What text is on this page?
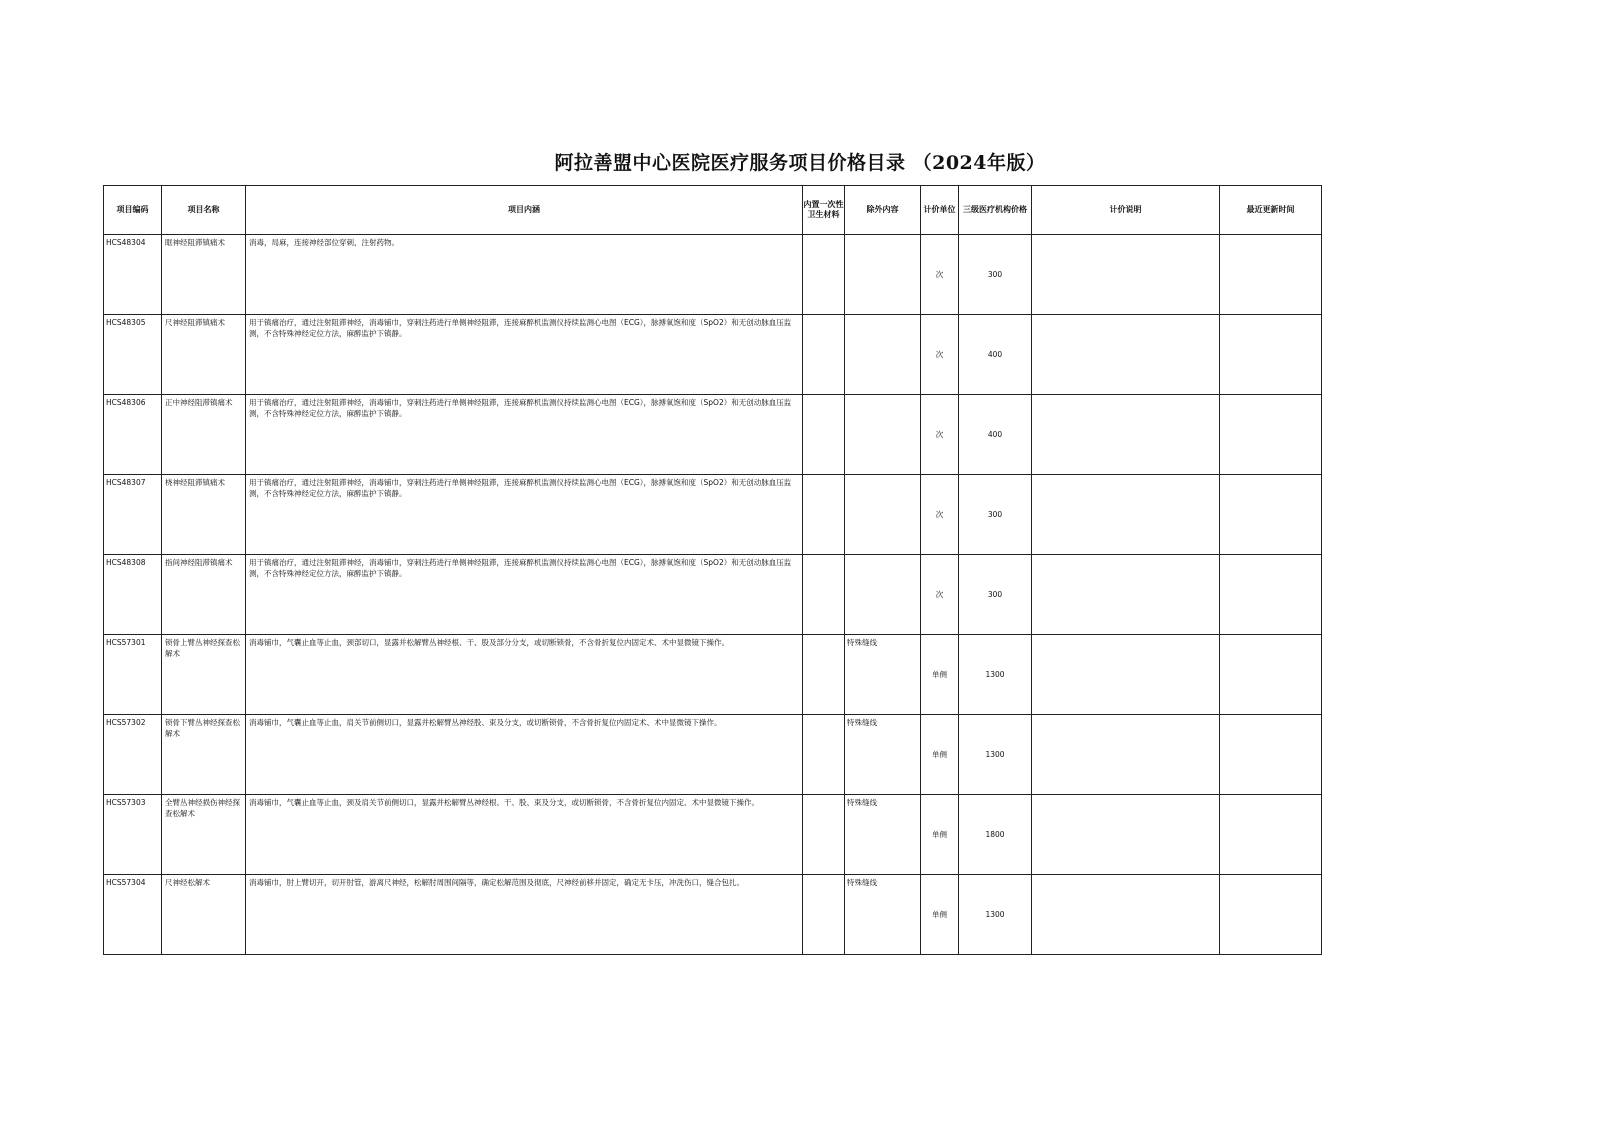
阿拉善盟中心医院医疗服务项目价格目录 （2024年版）
项目编码	项目名称	项目内涵	内置一次性卫生材料	除外内容	计价单位	三级医疗机构价格	计价说明	最近更新时间
HCS48304	眶神经阻滞镇痛术	消毒，局麻，连接神经部位穿刺，注射药物。			次	300		
HCS48305	尺神经阻滞镇痛术	用于镇痛治疗，通过注射阻滞神经，消毒铺巾，穿刺注药进行单侧神经阻滞，连接麻醉机监测仪持续监测心电图（ECG），脉搏氧饱和度（SpO2）和无创动脉血压监测，不含特殊神经定位方法，麻醉监护下镇静。			次	400		
HCS48306	正中神经阻滞镇痛术	用于镇痛治疗，通过注射阻滞神经，消毒铺巾，穿刺注药进行单侧神经阻滞，连接麻醉机监测仪持续监测心电图（ECG），脉搏氧饱和度（SpO2）和无创动脉血压监测，不含特殊神经定位方法，麻醉监护下镇静。			次	400		
HCS48307	桡神经阻滞镇痛术	用于镇痛治疗，通过注射阻滞神经，消毒铺巾，穿刺注药进行单侧神经阻滞，连接麻醉机监测仪持续监测心电图（ECG），脉搏氧饱和度（SpO2）和无创动脉血压监测，不含特殊神经定位方法，麻醉监护下镇静。			次	300		
HCS48308	指间神经阻滞镇痛术	用于镇痛治疗，通过注射阻滞神经，消毒铺巾，穿刺注药进行单侧神经阻滞，连接麻醉机监测仪持续监测心电图（ECG），脉搏氧饱和度（SpO2）和无创动脉血压监测，不含特殊神经定位方法，麻醉监护下镇静。			次	300		
HCS57301	锁骨上臂丛神经探查松解术	消毒铺巾，气囊止血等止血，颈部切口，显露并松解臂丛神经根、干、股及部分分支，或切断锁骨，不含骨折复位内固定术、术中显微镜下操作。		特殊缝线	单侧	1300		
HCS57302	锁骨下臂丛神经探查松解术	消毒铺巾，气囊止血等止血，肩关节前侧切口，显露并松解臂丛神经股、束及分支，或切断锁骨，不含骨折复位内固定术、术中显微镜下操作。		特殊缝线	单侧	1300		
HCS57303	全臂丛神经损伤神经探查松解术	消毒铺巾，气囊止血等止血，颈及肩关节前侧切口，显露并松解臂丛神经根、干、股、束及分支，或切断锁骨，不含骨折复位内固定、术中显微镜下操作。		特殊缝线	单侧	1800		
HCS57304	尺神经松解术	消毒铺巾，肘上臂切开，切开肘管，游离尺神经，松解肘周围间隔等，确定松解范围及彻底，尺神经前移并固定，确定无卡压，冲洗伤口，缝合包扎。		特殊缝线	单侧	1300		
